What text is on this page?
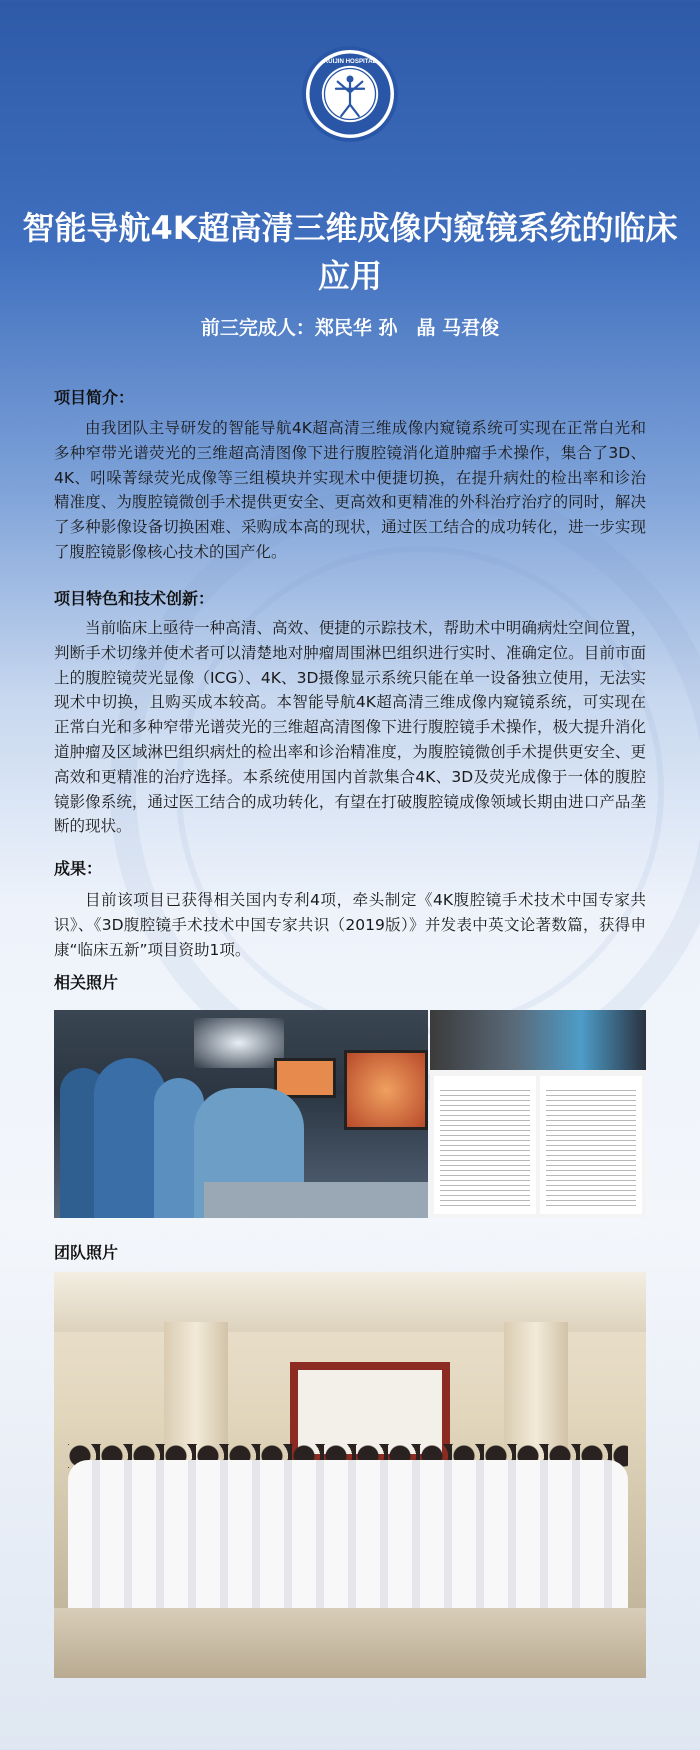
RUIJIN HOSPITAL
智能导航4K超高清三维成像内窥镜系统的临床应用
前三完成人：郑民华 孙　晶 马君俊
项目简介：
由我团队主导研发的智能导航4K超高清三维成像内窥镜系统可实现在正常白光和多种窄带光谱荧光的三维超高清图像下进行腹腔镜消化道肿瘤手术操作，集合了3D、4K、吲哚菁绿荧光成像等三组模块并实现术中便捷切换，在提升病灶的检出率和诊治精准度、为腹腔镜微创手术提供更安全、更高效和更精准的外科治疗治疗的同时，解决了多种影像设备切换困难、采购成本高的现状，通过医工结合的成功转化，进一步实现了腹腔镜影像核心技术的国产化。
项目特色和技术创新：
当前临床上亟待一种高清、高效、便捷的示踪技术，帮助术中明确病灶空间位置，判断手术切缘并使术者可以清楚地对肿瘤周围淋巴组织进行实时、准确定位。目前市面上的腹腔镜荧光显像（ICG）、4K、3D摄像显示系统只能在单一设备独立使用，无法实现术中切换，且购买成本较高。本智能导航4K超高清三维成像内窥镜系统，可实现在正常白光和多种窄带光谱荧光的三维超高清图像下进行腹腔镜手术操作，极大提升消化道肿瘤及区域淋巴组织病灶的检出率和诊治精准度，为腹腔镜微创手术提供更安全、更高效和更精准的治疗选择。本系统使用国内首款集合4K、3D及荧光成像于一体的腹腔镜影像系统，通过医工结合的成功转化，有望在打破腹腔镜成像领域长期由进口产品垄断的现状。
成果：
目前该项目已获得相关国内专利4项，牵头制定《4K腹腔镜手术技术中国专家共识》、《3D腹腔镜手术技术中国专家共识（2019版）》并发表中英文论著数篇，获得申康“临床五新”项目资助1项。
相关照片
团队照片
